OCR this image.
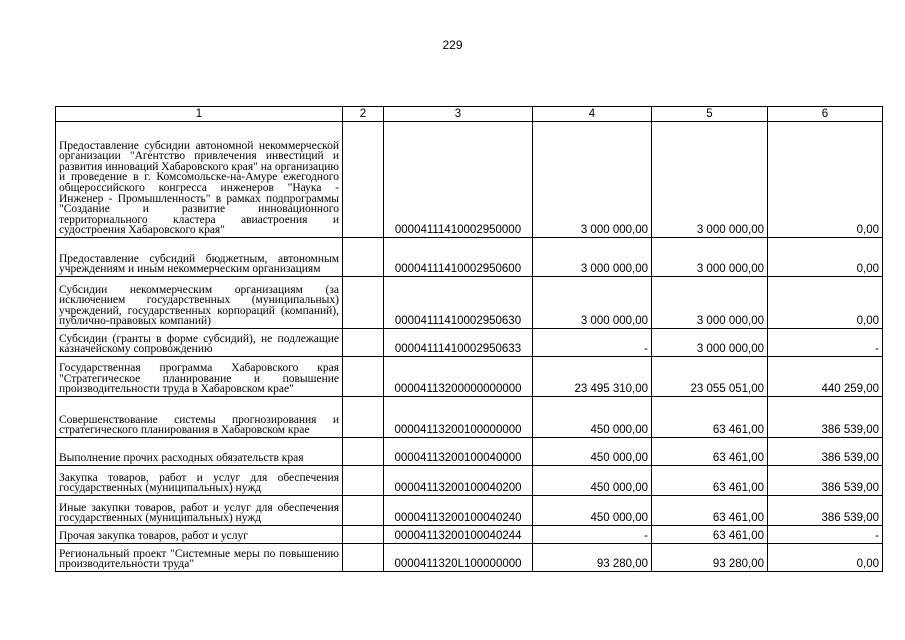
229
1	2	3	4	5	6
Предоставление субсидии автономной некоммерческой организации "Агентство привлечения инвестиций и развития инноваций Хабаровского края" на организацию и проведение в г. Комсомольске-на-Амуре ежегодного общероссийского конгресса инженеров "Наука - Инженер - Промышленность" в рамках подпрограммы "Создание и развитие инновационного территориального кластера авиастроения и судостроения Хабаровского края"		00004111410002950000	3 000 000,00	3 000 000,00	0,00
Предоставление субсидий бюджетным, автономным учреждениям и иным некоммерческим организациям		00004111410002950600	3 000 000,00	3 000 000,00	0,00
Субсидии некоммерческим организациям (за исключением государственных (муниципальных) учреждений, государственных корпораций (компаний), публично-правовых компаний)		00004111410002950630	3 000 000,00	3 000 000,00	0,00
Субсидии (гранты в форме субсидий), не подлежащие казначейскому сопровождению		00004111410002950633	-	3 000 000,00	-
Государственная программа Хабаровского края "Стратегическое планирование и повышение производительности труда в Хабаровском крае"		00004113200000000000	23 495 310,00	23 055 051,00	440 259,00
Совершенствование системы прогнозирования и стратегического планирования в Хабаровском крае		00004113200100000000	450 000,00	63 461,00	386 539,00
Выполнение прочих расходных обязательств края		00004113200100040000	450 000,00	63 461,00	386 539,00
Закупка товаров, работ и услуг для обеспечения государственных (муниципальных) нужд		00004113200100040200	450 000,00	63 461,00	386 539,00
Иные закупки товаров, работ и услуг для обеспечения государственных (муниципальных) нужд		00004113200100040240	450 000,00	63 461,00	386 539,00
Прочая закупка товаров, работ и услуг		00004113200100040244	-	63 461,00	-
Региональный проект "Системные меры по повышению производительности труда"		0000411320L100000000	93 280,00	93 280,00	0,00
